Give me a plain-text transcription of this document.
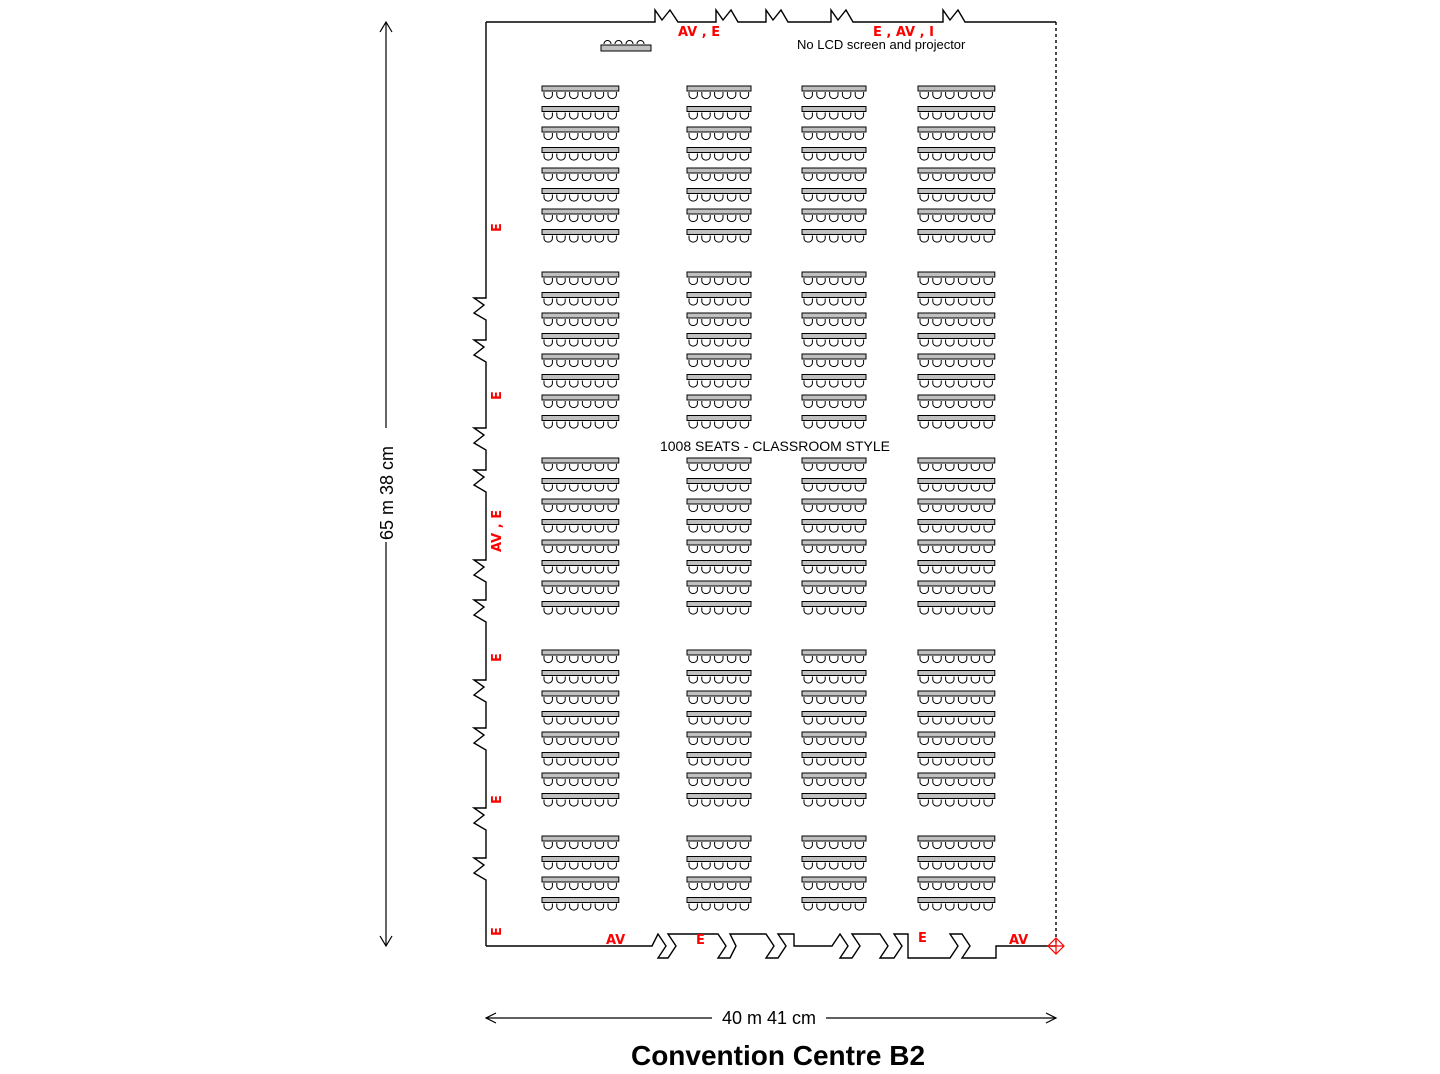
65 m 38 cm
40 m 41 cm
No LCD screen and projector
1008 SEATS - CLASSROOM STYLE
AV , E	E , AV , I
E
E
AV , E
E
E
E
AV	E	E	AV
Convention Centre B2
